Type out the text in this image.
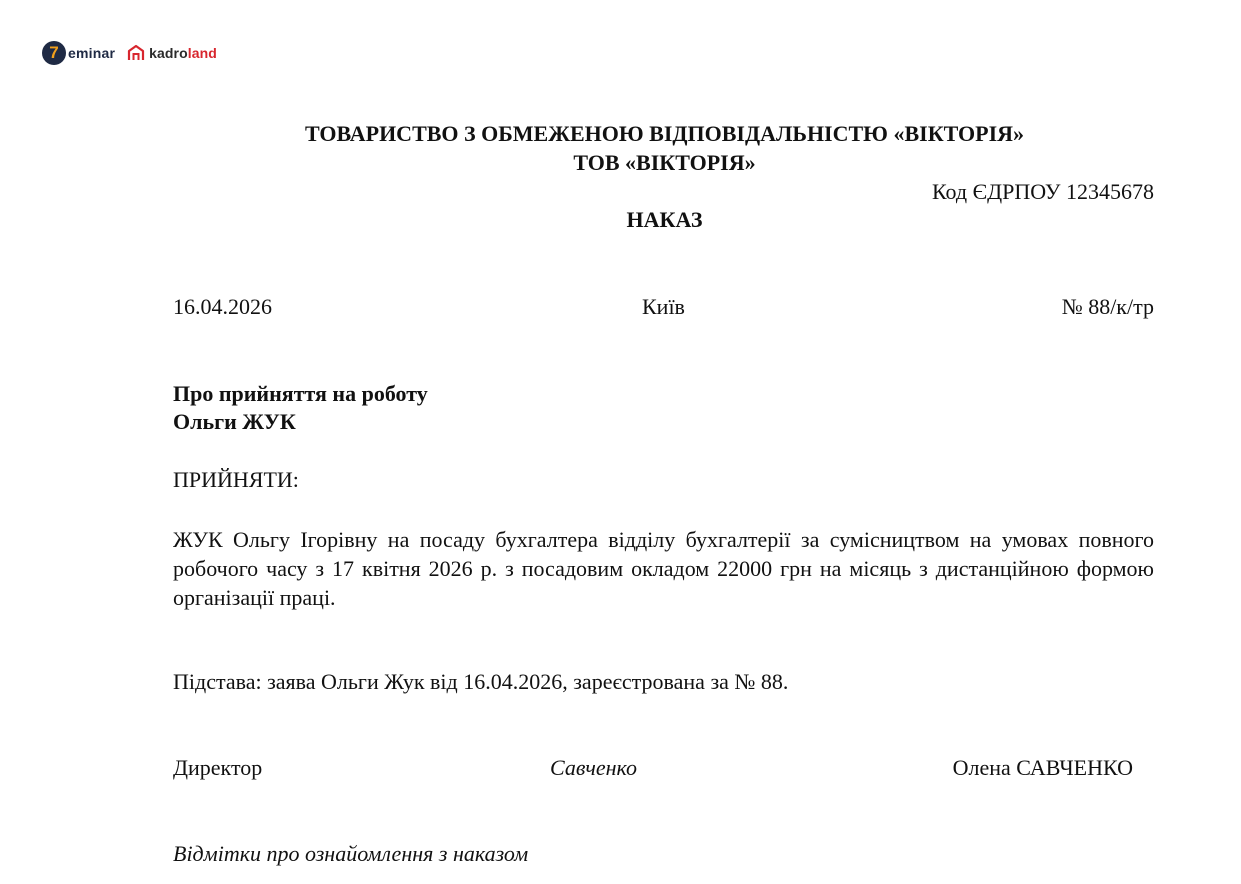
7 eminar kadroland
ТОВАРИСТВО З ОБМЕЖЕНОЮ ВІДПОВІДАЛЬНІСТЮ «ВІКТОРІЯ»
ТОВ «ВІКТОРІЯ»
Код ЄДРПОУ 12345678
НАКАЗ
16.04.2026	Київ	№ 88/к/тр
Про прийняття на роботу
Ольги ЖУК
ПРИЙНЯТИ:
ЖУК Ольгу Ігорівну на посаду бухгалтера відділу бухгалтерії за сумісництвом на умовах повного робочого часу з 17 квітня 2026 р. з посадовим окладом 22000 грн на місяць з дистанційною формою організації праці.
Підстава: заява Ольги Жук від 16.04.2026, зареєстрована за № 88.
Директор	Савченко	Олена САВЧЕНКО
Відмітки про ознайомлення з наказом
